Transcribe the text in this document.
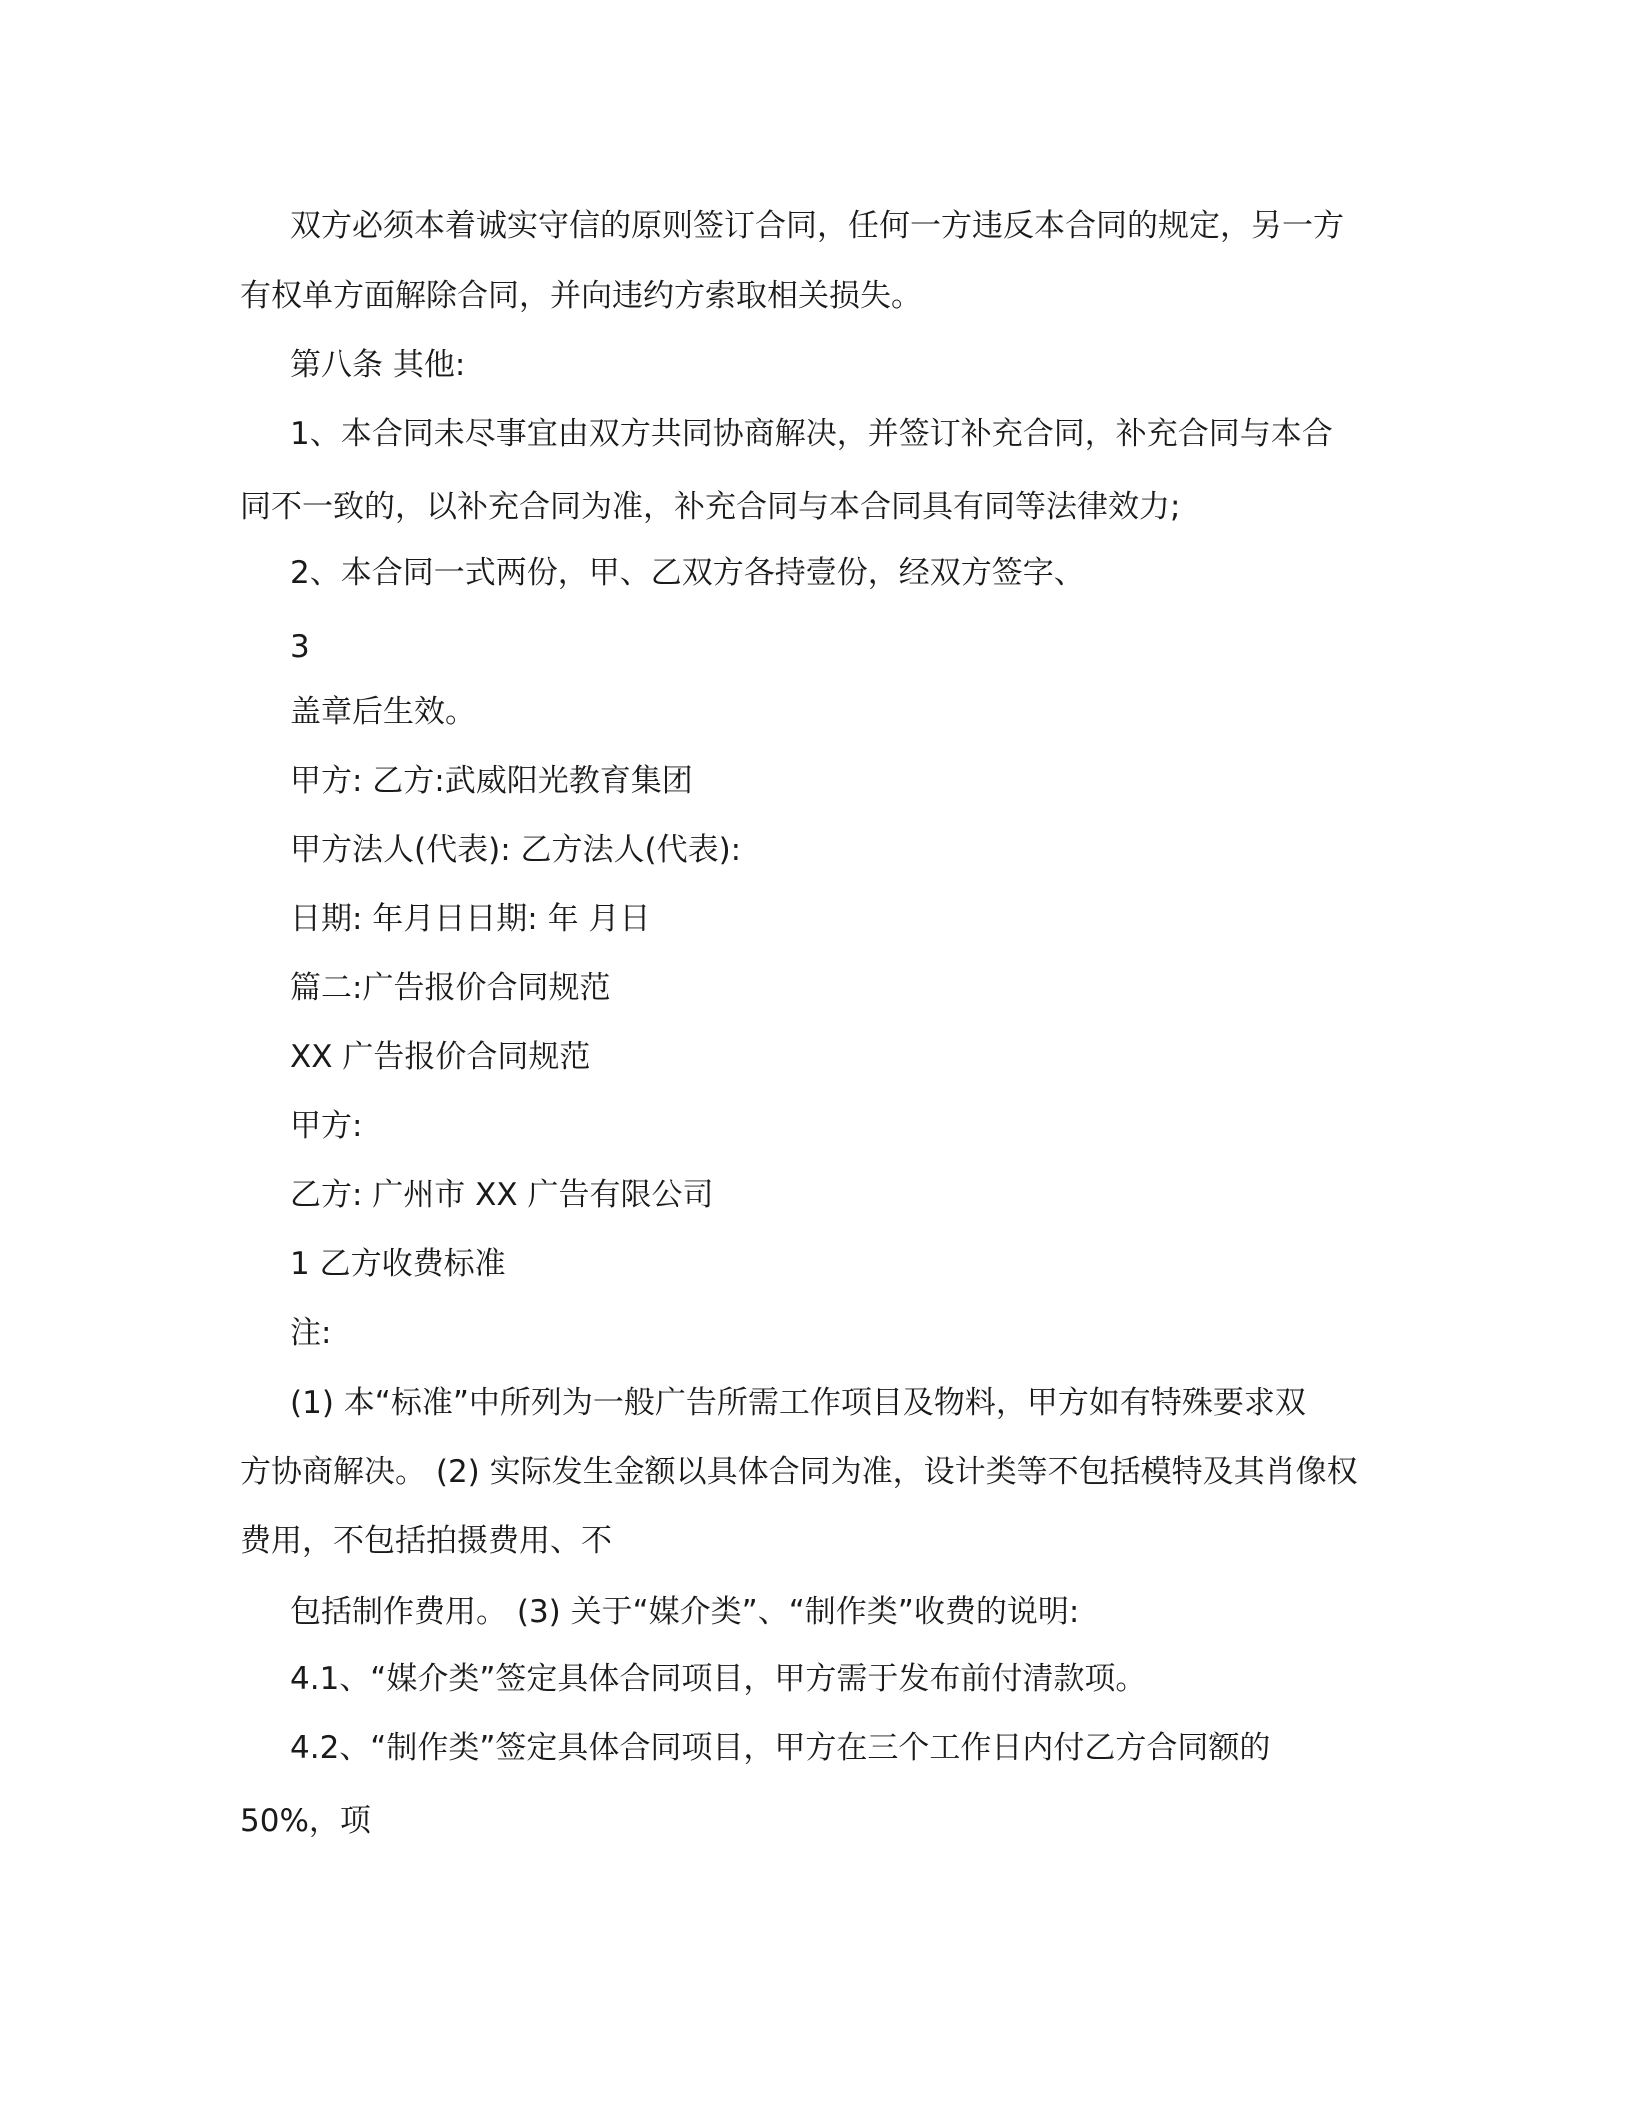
双方必须本着诚实守信的原则签订合同，任何一方违反本合同的规定，另一方

有权单方面解除合同，并向违约方索取相关损失。

第八条 其他:

1、本合同未尽事宜由双方共同协商解决，并签订补充合同，补充合同与本合

同不一致的，以补充合同为准，补充合同与本合同具有同等法律效力;

2、本合同一式两份，甲、乙双方各持壹份，经双方签字、

3

盖章后生效。

甲方: 乙方:武威阳光教育集团

甲方法人(代表): 乙方法人(代表):

日期: 年月日日期: 年 月日

篇二:广告报价合同规范

XX 广告报价合同规范

甲方:

乙方: 广州市 XX 广告有限公司

1 乙方收费标准

注:

(1) 本“标准”中所列为一般广告所需工作项目及物料，甲方如有特殊要求双

方协商解决。 (2) 实际发生金额以具体合同为准，设计类等不包括模特及其肖像权

费用，不包括拍摄费用、不

包括制作费用。 (3) 关于“媒介类”、“制作类”收费的说明:

4.1、“媒介类”签定具体合同项目，甲方需于发布前付清款项。

4.2、“制作类”签定具体合同项目，甲方在三个工作日内付乙方合同额的

50%，项
